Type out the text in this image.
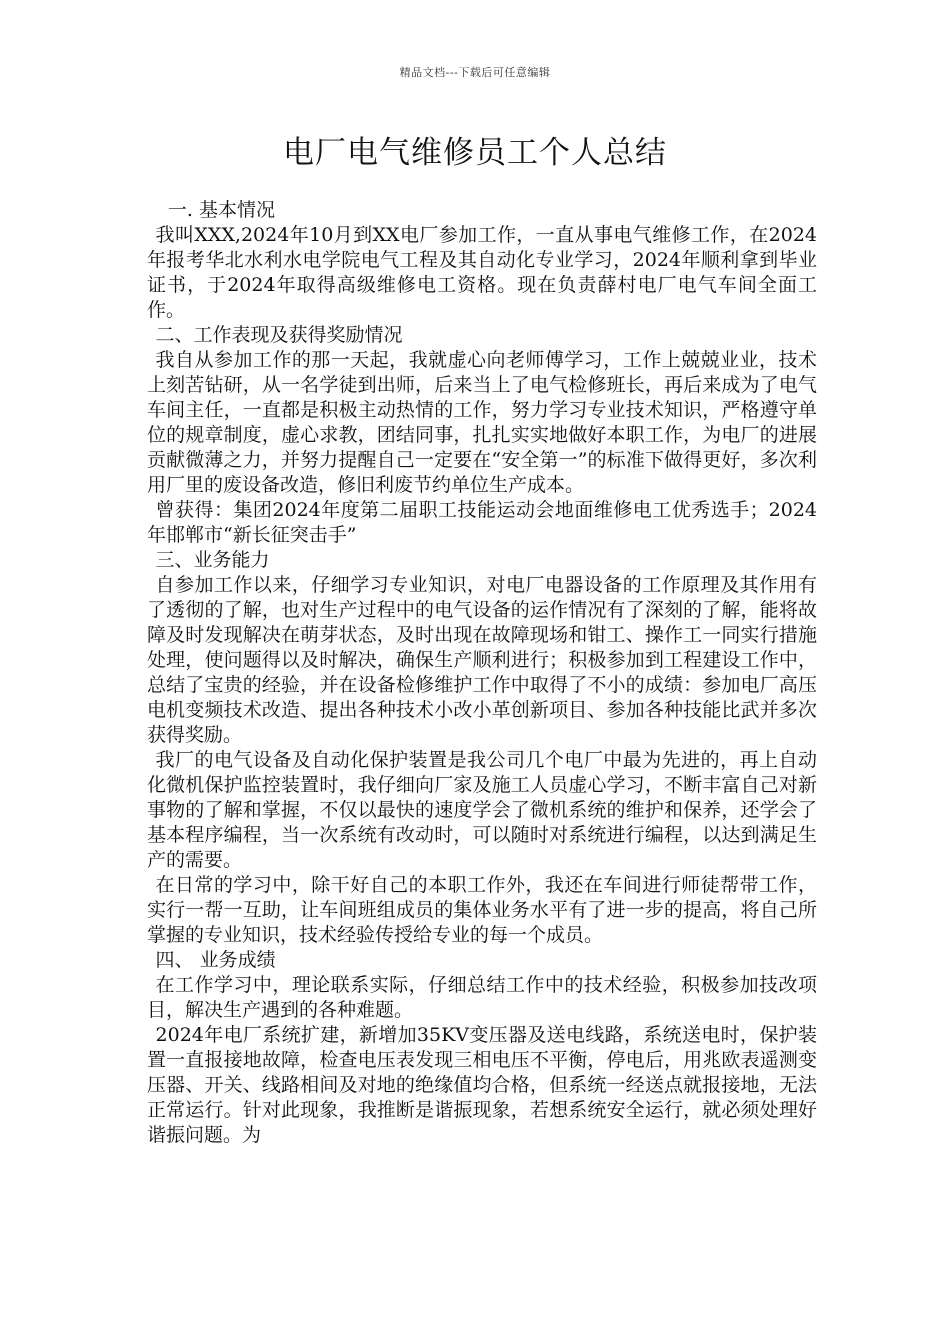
精品文档---下载后可任意编辑
电厂电气维修员工个人总结

一. 基本情况

我叫XXX,2024年10月到XX电厂参加工作，一直从事电气维修工作，在2024年报考华北水利水电学院电气工程及其自动化专业学习，2024年顺利拿到毕业证书，于2024年取得高级维修电工资格。现在负责薛村电厂电气车间全面工作。

二、工作表现及获得奖励情况

我自从参加工作的那一天起，我就虚心向老师傅学习，工作上兢兢业业，技术上刻苦钻研，从一名学徒到出师，后来当上了电气检修班长，再后来成为了电气车间主任，一直都是积极主动热情的工作，努力学习专业技术知识，严格遵守单位的规章制度，虚心求教，团结同事，扎扎实实地做好本职工作，为电厂的进展贡献微薄之力，并努力提醒自己一定要在“安全第一”的标准下做得更好，多次利用厂里的废设备改造，修旧利废节约单位生产成本。

曾获得：集团2024年度第二届职工技能运动会地面维修电工优秀选手；2024年邯郸市“新长征突击手”

三、业务能力

自参加工作以来，仔细学习专业知识，对电厂电器设备的工作原理及其作用有了透彻的了解，也对生产过程中的电气设备的运作情况有了深刻的了解，能将故障及时发现解决在萌芽状态，及时出现在故障现场和钳工、操作工一同实行措施处理，使问题得以及时解决，确保生产顺利进行；积极参加到工程建设工作中，总结了宝贵的经验，并在设备检修维护工作中取得了不小的成绩：参加电厂高压电机变频技术改造、提出各种技术小改小革创新项目、参加各种技能比武并多次获得奖励。

我厂的电气设备及自动化保护装置是我公司几个电厂中最为先进的，再上自动化微机保护监控装置时，我仔细向厂家及施工人员虚心学习，不断丰富自己对新事物的了解和掌握，不仅以最快的速度学会了微机系统的维护和保养，还学会了基本程序编程，当一次系统有改动时，可以随时对系统进行编程，以达到满足生产的需要。

在日常的学习中，除干好自己的本职工作外，我还在车间进行师徒帮带工作，实行一帮一互助，让车间班组成员的集体业务水平有了进一步的提高，将自己所掌握的专业知识，技术经验传授给专业的每一个成员。

四、 业务成绩

在工作学习中，理论联系实际，仔细总结工作中的技术经验，积极参加技改项目，解决生产遇到的各种难题。

2024年电厂系统扩建，新增加35KV变压器及送电线路，系统送电时，保护装置一直报接地故障，检查电压表发现三相电压不平衡，停电后，用兆欧表遥测变压器、开关、线路相间及对地的绝缘值均合格，但系统一经送点就报接地，无法正常运行。针对此现象，我推断是谐振现象，若想系统安全运行，就必须处理好谐振问题。为
